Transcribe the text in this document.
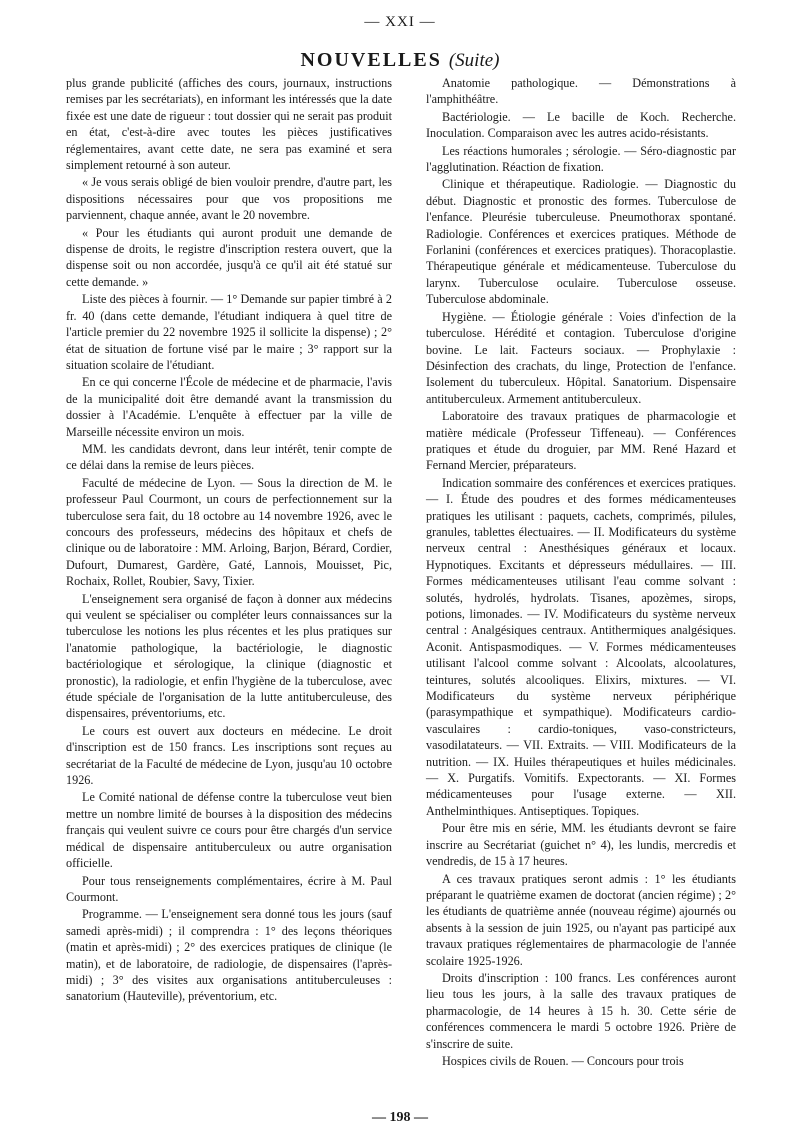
— XXI —
NOUVELLES (Suite)

plus grande publicité (affiches des cours, journaux, instructions remises par les secrétariats), en informant les intéressés que la date fixée est une date de rigueur : tout dossier qui ne serait pas produit en état, c'est-à-dire avec toutes les pièces justificatives réglementaires, avant cette date, ne sera pas examiné et sera simplement retourné à son auteur.

« Je vous serais obligé de bien vouloir prendre, d'autre part, les dispositions nécessaires pour que vos propositions me parviennent, chaque année, avant le 20 novembre.

« Pour les étudiants qui auront produit une demande de dispense de droits, le registre d'inscription restera ouvert, que la dispense soit ou non accordée, jusqu'à ce qu'il ait été statué sur cette demande. »

Liste des pièces à fournir. — 1° Demande sur papier timbré à 2 fr. 40 (dans cette demande, l'étudiant indiquera à quel titre de l'article premier du 22 novembre 1925 il sollicite la dispense) ; 2° état de situation de fortune visé par le maire ; 3° rapport sur la situation scolaire de l'étudiant.

En ce qui concerne l'École de médecine et de pharmacie, l'avis de la municipalité doit être demandé avant la transmission du dossier à l'Académie. L'enquête à effectuer par la ville de Marseille nécessite environ un mois.

MM. les candidats devront, dans leur intérêt, tenir compte de ce délai dans la remise de leurs pièces.

Faculté de médecine de Lyon. — Sous la direction de M. le professeur Paul Courmont, un cours de perfectionnement sur la tuberculose sera fait, du 18 octobre au 14 novembre 1926, avec le concours des professeurs, médecins des hôpitaux et chefs de clinique ou de laboratoire : MM. Arloing, Barjon, Bérard, Cordier, Dufourt, Dumarest, Gardère, Gaté, Lannois, Mouisset, Pic, Rochaix, Rollet, Roubier, Savy, Tixier.

L'enseignement sera organisé de façon à donner aux médecins qui veulent se spécialiser ou compléter leurs connaissances sur la tuberculose les notions les plus récentes et les plus pratiques sur l'anatomie pathologique, la bactériologie, le diagnostic bactériologique et sérologique, la clinique (diagnostic et pronostic), la radiologie, et enfin l'hygiène de la tuberculose, avec étude spéciale de l'organisation de la lutte antituberculeuse, des dispensaires, préventoriums, etc.

Le cours est ouvert aux docteurs en médecine. Le droit d'inscription est de 150 francs. Les inscriptions sont reçues au secrétariat de la Faculté de médecine de Lyon, jusqu'au 10 octobre 1926.

Le Comité national de défense contre la tuberculose veut bien mettre un nombre limité de bourses à la disposition des médecins français qui veulent suivre ce cours pour être chargés d'un service médical de dispensaire antituberculeux ou autre organisation officielle.

Pour tous renseignements complémentaires, écrire à M. Paul Courmont.

Programme. — L'enseignement sera donné tous les jours (sauf samedi après-midi) ; il comprendra : 1° des leçons théoriques (matin et après-midi) ; 2° des exercices pratiques de clinique (le matin), et de laboratoire, de radiologie, de dispensaires (l'après-midi) ; 3° des visites aux organisations antituberculeuses : sanatorium (Hauteville), préventorium, etc.

Anatomie pathologique. — Démonstrations à l'amphithéâtre.

Bactériologie. — Le bacille de Koch. Recherche. Inoculation. Comparaison avec les autres acido-résistants.

Les réactions humorales ; sérologie. — Séro-diagnostic par l'agglutination. Réaction de fixation.

Clinique et thérapeutique. Radiologie. — Diagnostic du début. Diagnostic et pronostic des formes. Tuberculose de l'enfance. Pleurésie tuberculeuse. Pneumothorax spontané. Radiologie. Conférences et exercices pratiques. Méthode de Forlanini (conférences et exercices pratiques). Thoracoplastie. Thérapeutique générale et médicamenteuse. Tuberculose du larynx. Tuberculose oculaire. Tuberculose osseuse. Tuberculose abdominale.

Hygiène. — Étiologie générale : Voies d'infection de la tuberculose. Hérédité et contagion. Tuberculose d'origine bovine. Le lait. Facteurs sociaux. — Prophylaxie : Désinfection des crachats, du linge, Protection de l'enfance. Isolement du tuberculeux. Hôpital. Sanatorium. Dispensaire antituberculeux. Armement antituberculeux.

Laboratoire des travaux pratiques de pharmacologie et matière médicale (Professeur Tiffeneau). — Conférences pratiques et étude du droguier, par MM. René Hazard et Fernand Mercier, préparateurs.

Indication sommaire des conférences et exercices pratiques. — I. Étude des poudres et des formes médicamenteuses pratiques les utilisant : paquets, cachets, comprimés, pilules, granules, tablettes électuaires. — II. Modificateurs du système nerveux central : Anesthésiques généraux et locaux. Hypnotiques. Excitants et dépresseurs médullaires. — III. Formes médicamenteuses utilisant l'eau comme solvant : solutés, hydrolés, hydrolats. Tisanes, apozèmes, sirops, potions, limonades. — IV. Modificateurs du système nerveux central : Analgésiques centraux. Antithermiques analgésiques. Aconit. Antispasmodiques. — V. Formes médicamenteuses utilisant l'alcool comme solvant : Alcoolats, alcoolatures, teintures, solutés alcooliques. Elixirs, mixtures. — VI. Modificateurs du système nerveux périphérique (parasympathique et sympathique). Modificateurs cardio-vasculaires : cardio-toniques, vaso-constricteurs, vasodilatateurs. — VII. Extraits. — VIII. Modificateurs de la nutrition. — IX. Huiles thérapeutiques et huiles médicinales. — X. Purgatifs. Vomitifs. Expectorants. — XI. Formes médicamenteuses pour l'usage externe. — XII. Anthelminthiques. Antiseptiques. Topiques.

Pour être mis en série, MM. les étudiants devront se faire inscrire au Secrétariat (guichet n° 4), les lundis, mercredis et vendredis, de 15 à 17 heures.

A ces travaux pratiques seront admis : 1° les étudiants préparant le quatrième examen de doctorat (ancien régime) ; 2° les étudiants de quatrième année (nouveau régime) ajournés ou absents à la session de juin 1925, ou n'ayant pas participé aux travaux pratiques réglementaires de pharmacologie de l'année scolaire 1925-1926.

Droits d'inscription : 100 francs. Les conférences auront lieu tous les jours, à la salle des travaux pratiques de pharmacologie, de 14 heures à 15 h. 30. Cette série de conférences commencera le mardi 5 octobre 1926. Prière de s'inscrire de suite.

Hospices civils de Rouen. — Concours pour trois

— 198 —
